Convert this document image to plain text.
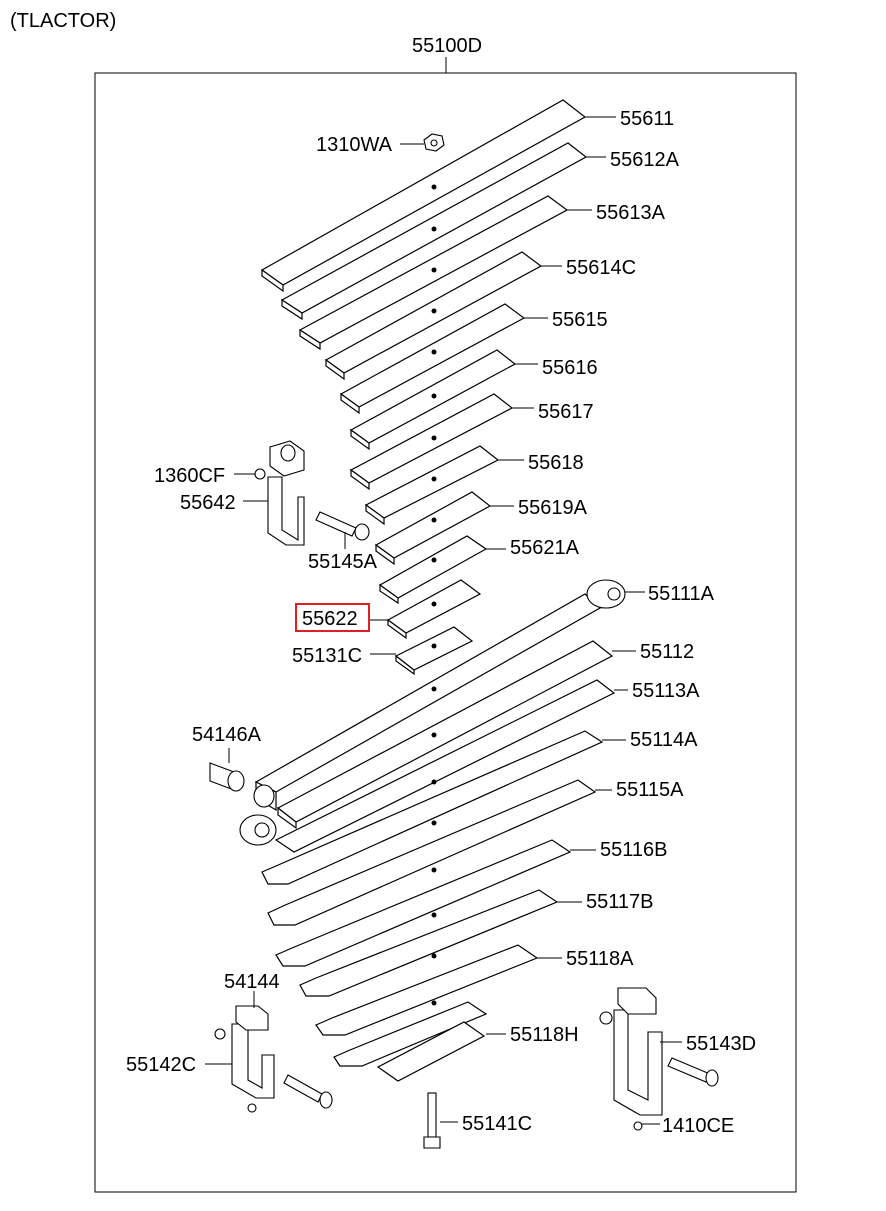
(TLACTOR)
55100D
55611
1310WA
55612A
55613A
55614C
55615
55616
55617
1360CF
55618
55642	55619A
55145A
55621A
55111A
55622
55131C	55112
55113A
54146A	55114A
55115A
55116B
55117B
55118A
54144
55118H	55143D
55142C
55141C	1410CE
